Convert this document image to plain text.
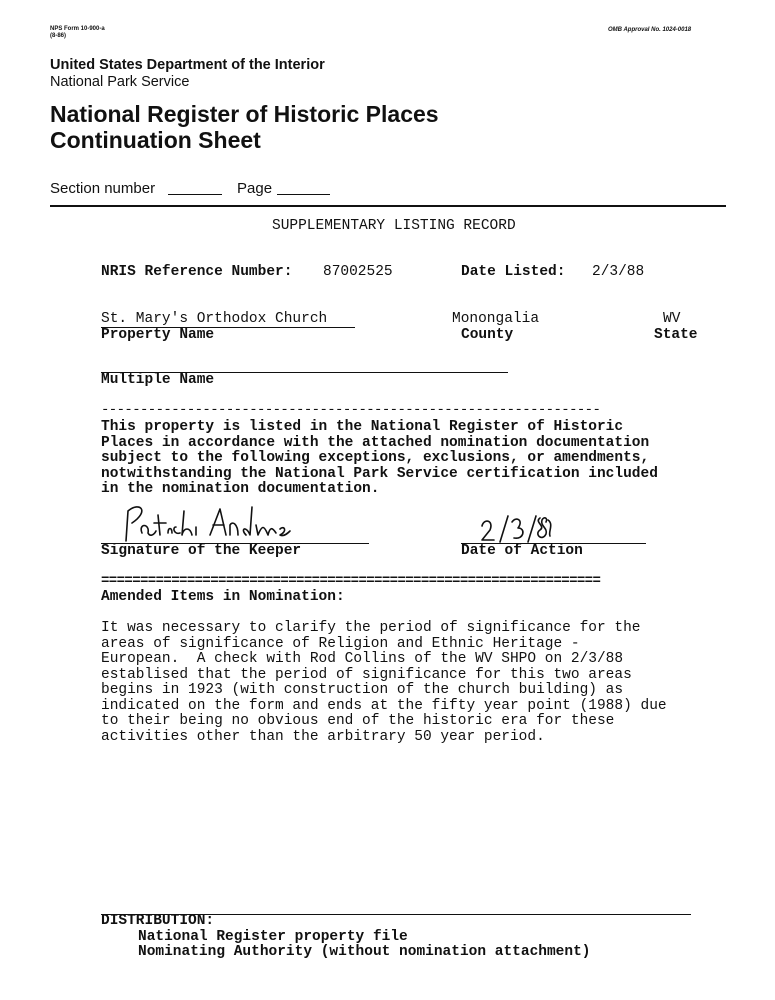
NPS Form 10-900-a
(8-86)
OMB Approval No. 1024-0018
United States Department of the Interior
National Park Service
National Register of Historic Places
Continuation Sheet
Section number	Page
SUPPLEMENTARY LISTING RECORD
NRIS Reference Number: 87002525	Date Listed: 2/3/88
St. Mary's Orthodox Church
Property Name
Monongalia
County
WV
State
Multiple Name
----------------------------------------------------------------
This property is listed in the National Register of Historic
Places in accordance with the attached nomination documentation
subject to the following exceptions, exclusions, or amendments,
notwithstanding the National Park Service certification included
in the nomination documentation.
Signature of the Keeper	Date of Action
================================================================
Amended Items in Nomination:
It was necessary to clarify the period of significance for the
areas of significance of Religion and Ethnic Heritage -
European.  A check with Rod Collins of the WV SHPO on 2/3/88
establised that the period of significance for this two areas
begins in 1923 (with construction of the church building) as
indicated on the form and ends at the fifty year point (1988) due
to their being no obvious end of the historic era for these
activities other than the arbitrary 50 year period.
DISTRIBUTION:
National Register property file
Nominating Authority (without nomination attachment)
